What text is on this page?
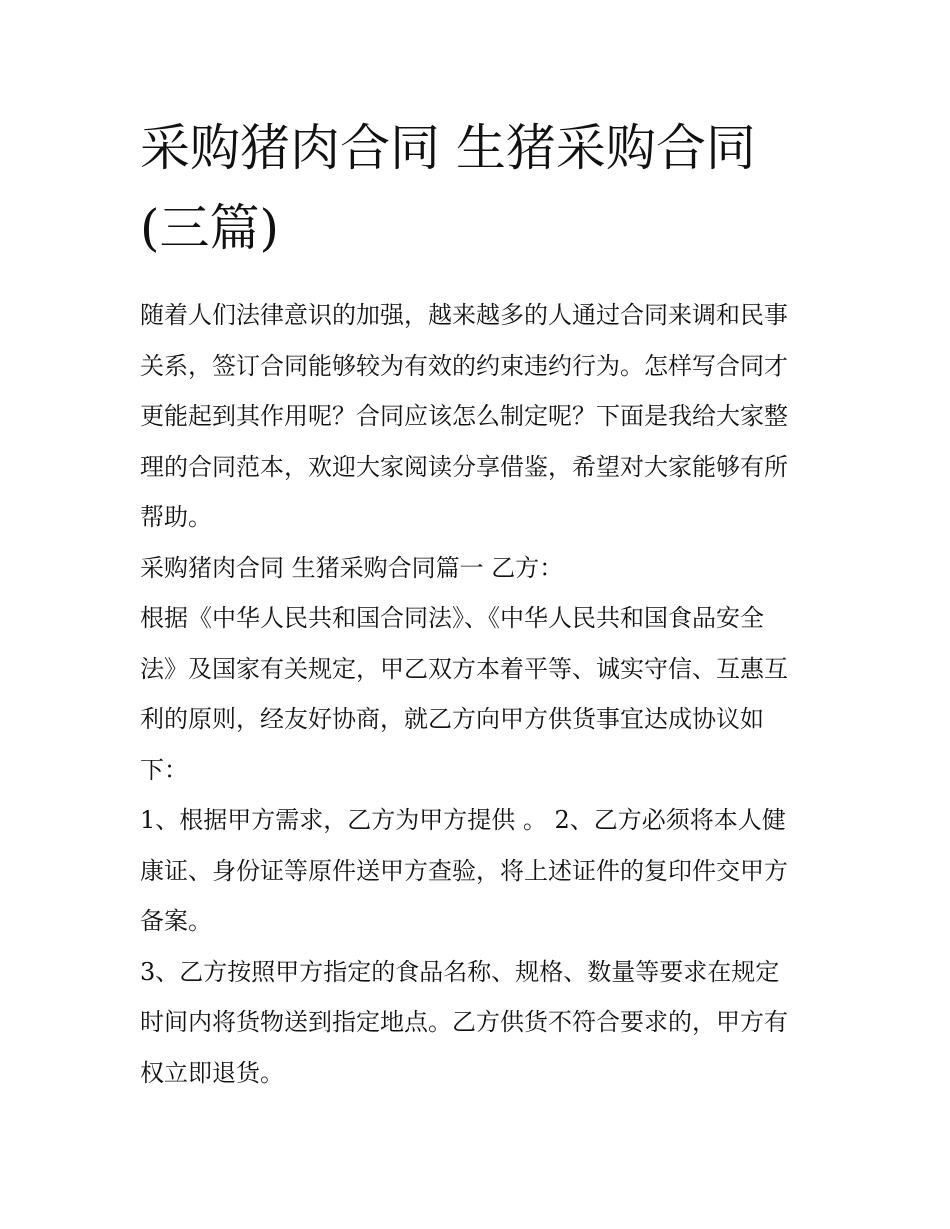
采购猪肉合同 生猪采购合同
(三篇)

随着人们法律意识的加强，越来越多的人通过合同来调和民事
关系，签订合同能够较为有效的约束违约行为。怎样写合同才
更能起到其作用呢？合同应该怎么制定呢？下面是我给大家整
理的合同范本，欢迎大家阅读分享借鉴，希望对大家能够有所
帮助。

采购猪肉合同 生猪采购合同篇一 乙方：

根据《中华人民共和国合同法》、《中华人民共和国食品安全
法》及国家有关规定，甲乙双方本着平等、诚实守信、互惠互
利的原则，经友好协商，就乙方向甲方供货事宜达成协议如
下：

1、根据甲方需求，乙方为甲方提供 。 2、乙方必须将本人健
康证、身份证等原件送甲方查验，将上述证件的复印件交甲方
备案。

3、乙方按照甲方指定的食品名称、规格、数量等要求在规定
时间内将货物送到指定地点。乙方供货不符合要求的，甲方有
权立即退货。
